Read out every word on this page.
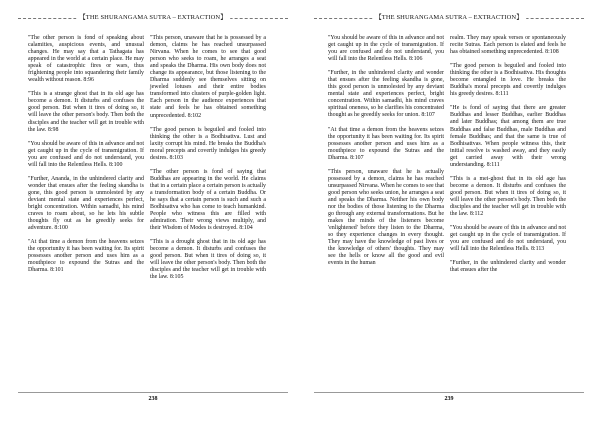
【THE SHURANGAMA SUTRA – EXTRACTION】

"The other person is fond of speaking about calamities, auspicious events, and unusual changes. He may say that a Tathagata has appeared in the world at a certain place. He may speak of catastrophic fires or wars, thus frightening people into squandering their family wealth without reason. 8:96

"This is a strange ghost that in its old age has become a demon. It disturbs and confuses the good person. But when it tires of doing so, it will leave the other person's body. Then both the disciples and the teacher will get in trouble with the law. 8:98

"You should be aware of this in advance and not get caught up in the cycle of transmigration. If you are confused and do not understand, you will fall into the Relentless Hells. 8:100

"Further, Ananda, in the unhindered clarity and wonder that ensues after the feeling skandha is gone, this good person is unmolested by any deviant mental state and experiences perfect, bright concentration. Within samadhi, his mind craves to roam about, so he lets his subtle thoughts fly out as he greedily seeks for adventure. 8:100

"At that time a demon from the heavens seizes the opportunity it has been waiting for. Its spirit possesses another person and uses him as a mouthpiece to expound the Sutras and the Dharma. 8:101

"This person, unaware that he is possessed by a demon, claims he has reached unsurpassed Nirvana. When he comes to see that good person who seeks to roam, he arranges a seat and speaks the Dharma. His own body does not change its appearance, but those listening to the Dharma suddenly see themselves sitting on jeweled lotuses and their entire bodies transformed into clusters of purple-golden light. Each person in the audience experiences that state and feels he has obtained something unprecedented. 8:102

"The good person is beguiled and fooled into thinking the other is a Bodhisattva. Lust and laxity corrupt his mind. He breaks the Buddha's moral precepts and covertly indulges his greedy desires. 8:103

"The other person is fond of saying that Buddhas are appearing in the world. He claims that in a certain place a certain person is actually a transformation body of a certain Buddha. Or he says that a certain person is such and such a Bodhisattva who has come to teach humankind. People who witness this are filled with admiration. Their wrong views multiply, and their Wisdom of Modes is destroyed. 8:104

"This is a drought ghost that in its old age has become a demon. It disturbs and confuses the good person. But when it tires of doing so, it will leave the other person's body. Then both the disciples and the teacher will get in trouble with the law. 8:105

238
【THE SHURANGAMA SUTRA – EXTRACTION】

"You should be aware of this in advance and not get caught up in the cycle of transmigration. If you are confused and do not understand, you will fall into the Relentless Hells. 8:106

"Further, in the unhindered clarity and wonder that ensues after the feeling skandha is gone, this good person is unmolested by any deviant mental state and experiences perfect, bright concentration. Within samadhi, his mind craves spiritual oneness, so he clarifies his concentrated thought as he greedily seeks for union. 8:107

"At that time a demon from the heavens seizes the opportunity it has been waiting for. Its spirit possesses another person and uses him as a mouthpiece to expound the Sutras and the Dharma. 8:107

"This person, unaware that he is actually possessed by a demon, claims he has reached unsurpassed Nirvana. When he comes to see that good person who seeks union, he arranges a seat and speaks the Dharma. Neither his own body nor the bodies of those listening to the Dharma go through any external transformations. But he makes the minds of the listeners become 'enlightened' before they listen to the Dharma, so they experience changes in every thought. They may have the knowledge of past lives or the knowledge of others' thoughts. They may see the hells or know all the good and evil events in the human

realm. They may speak verses or spontaneously recite Sutras. Each person is elated and feels he has obtained something unprecedented. 8:108

"The good person is beguiled and fooled into thinking the other is a Bodhisattva. His thoughts become entangled in love. He breaks the Buddha's moral precepts and covertly indulges his greedy desires. 8:111

"He is fond of saying that there are greater Buddhas and lesser Buddhas, earlier Buddhas and later Buddhas; that among them are true Buddhas and false Buddhas, male Buddhas and female Buddhas; and that the same is true of Bodhisattvas. When people witness this, their initial resolve is washed away, and they easily get carried away with their wrong understanding. 8:111

"This is a mei-ghost that in its old age has become a demon. It disturbs and confuses the good person. But when it tires of doing so, it will leave the other person's body. Then both the disciples and the teacher will get in trouble with the law. 8:112

"You should be aware of this in advance and not get caught up in the cycle of transmigration. If you are confused and do not understand, you will fall into the Relentless Hells. 8:113

"Further, in the unhindered clarity and wonder that ensues after the

239
